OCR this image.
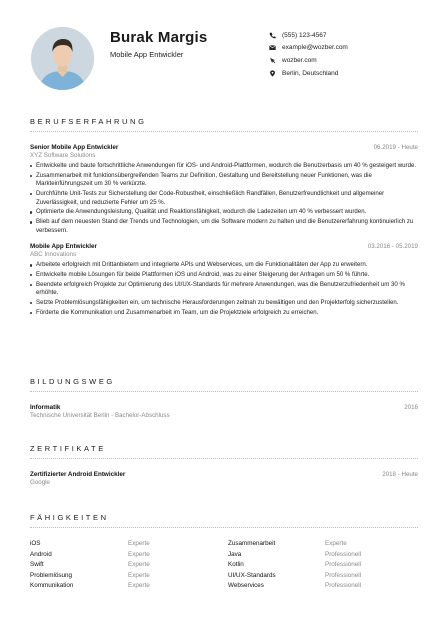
Burak Margis
Mobile App Entwickler
(555) 123-4567
example@wozber.com
wozber.com
Berlin, Deutschland
BERUFSERFAHRUNG
Senior Mobile App Entwickler	06.2019 - Heute
XYZ Software Solutions
Entwickelte und baute fortschrittliche Anwendungen für iOS- und Android-Plattformen, wodurch die Benutzerbasis um 40 % gesteigert wurde.
Zusammenarbeit mit funktionsübergreifenden Teams zur Definition, Gestaltung und Bereitstellung neuer Funktionen, was die Markteinführungszeit um 30 % verkürzte.
Durchführte Unit-Tests zur Sicherstellung der Code-Robustheit, einschließlich Randfällen, Benutzerfreundlichkeit und allgemeiner Zuverlässigkeit, und reduzierte Fehler um 25 %.
Optimierte die Anwendungsleistung, Qualität und Reaktionsfähigkeit, wodurch die Ladezeiten um 40 % verbessert wurden.
Blieb auf dem neuesten Stand der Trends und Technologien, um die Software modern zu halten und die Benutzererfahrung kontinuierlich zu verbessern.
Mobile App Entwickler	03.2016 - 05.2019
ABC Innovations
Arbeitete erfolgreich mit Drittanbietern und integrierte APIs und Webservices, um die Funktionalitäten der App zu erweitern.
Entwickelte mobile Lösungen für beide Plattformen iOS und Android, was zu einer Steigerung der Anfragen um 50 % führte.
Beendete erfolgreich Projekte zur Optimierung des UI/UX-Standards für mehrere Anwendungen, was die Benutzerzufriedenheit um 30 % erhöhte.
Setzte Problemlösungsfähigkeiten ein, um technische Herausforderungen zeitnah zu bewältigen und den Projekterfolg sicherzustellen.
Förderte die Kommunikation und Zusammenarbeit im Team, um die Projektziele erfolgreich zu erreichen.
BILDUNGSWEG
Informatik	2016
Technische Universität Berlin - Bachelor-Abschluss
ZERTIFIKATE
Zertifizierter Android Entwickler	2018 - Heute
Google
FÄHIGKEITEN
iOS	Experte	Zusammenarbeit	Experte
Android	Experte	Java	Professionell
Swift	Experte	Kotlin	Professionell
Problemlösung	Experte	UI/UX-Standards	Professionell
Kommunikation	Experte	Webservices	Professionell
